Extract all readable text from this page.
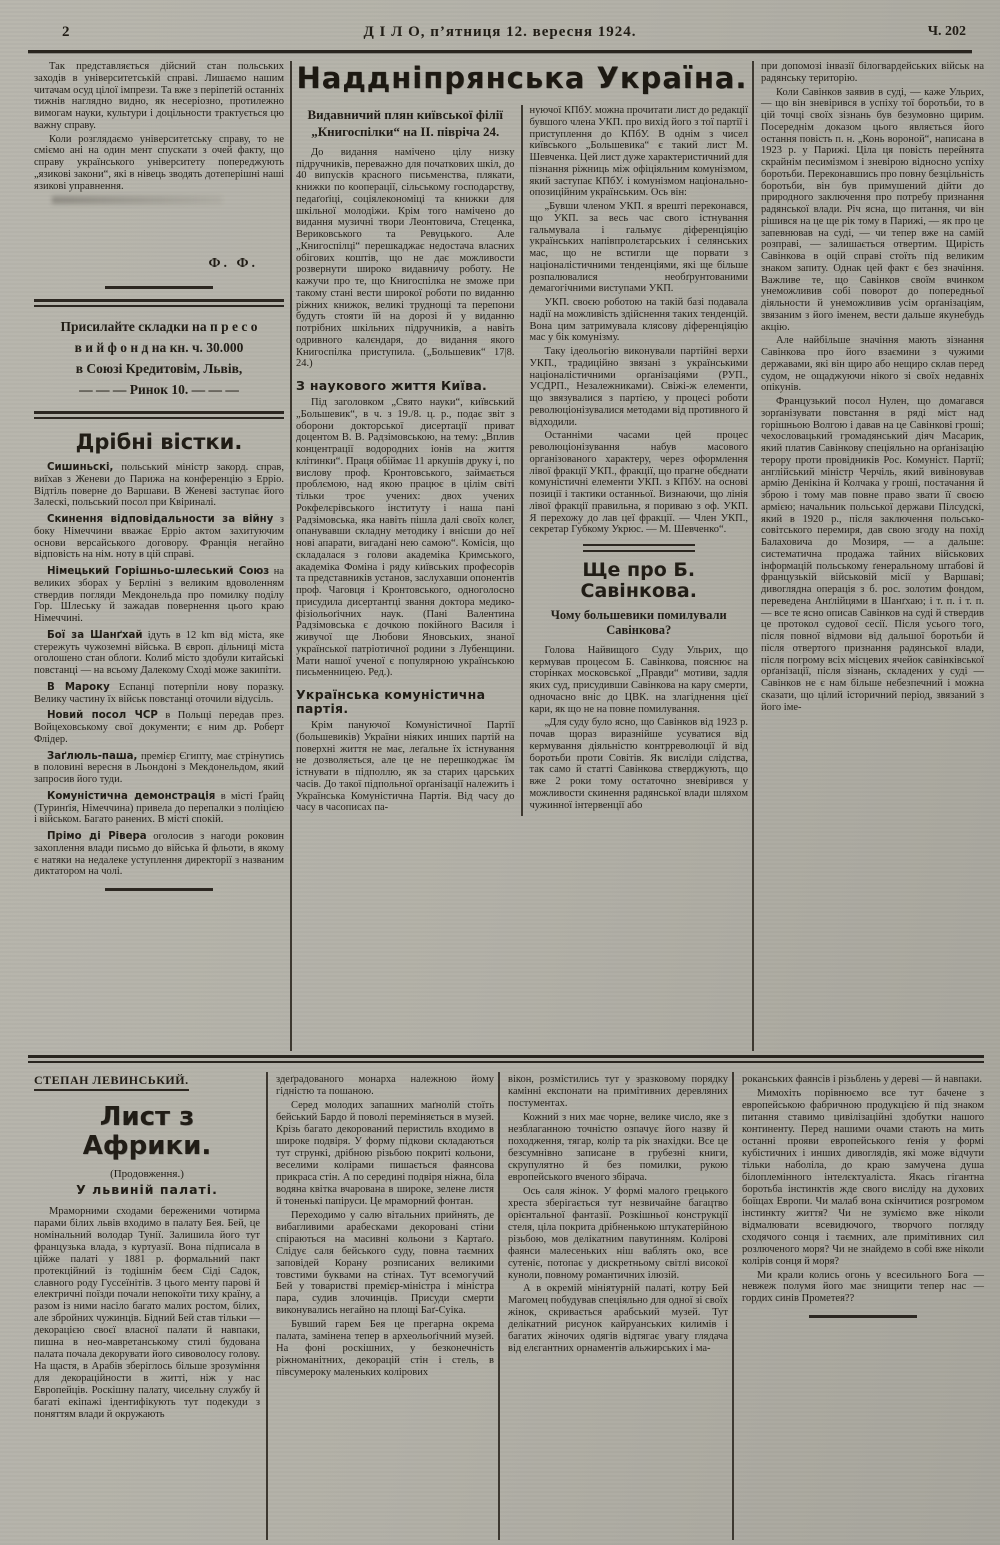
2	Д І Л О, п’ятниця 12. вересня 1924.	Ч. 202

Так представляється дійсний стан польських заходів в університетській справі. Лишаємо нашим читачам осуд цілої імпрези. Та вже з періпетій останніх тижнів наглядно видно, як несеріозно, протилежно вимогам науки, культури і доцільности трактується цю важну справу.

Коли розглядаємо університетську справу, то не сміємо ані на один мент спускати з очей факту, що справу українського університету попереджують „язикові закони“, які в нівець зводять дотеперішні наші язикові управнення.

Ф. Ф.

Присилайте складки на п р е с о
в и й ф о н д на кн. ч. 30.000
в Союзі Кредитовім, Львів,
— — — Ринок 10. — — —
Дрібні вістки.

Сишиньскі, польський міністр закорд. справ, виїхав з Женеви до Парижа на конференцію з Ерріо. Відтіль поверне до Варшави. В Женеві заступає його Залескі, польський посол при Квіриналі.

Скинення відповідальности за війну з боку Німеччини вважає Ерріо актом захитуючим основи версайського договору. Франція негайно відповість на нім. ноту в цій справі.

Німецький Горішньо-шлеський Союз на великих зборах у Берліні з великим вдоволенням ствердив погляди Мекдонельда про помилку поділу Гор. Шлеську й зажадав повернення цього краю Німеччині.

Бої за Шанґхай ідуть в 12 km від міста, яке стережуть чужоземні війська. В європ. дільниці міста оголошено стан облоги. Колиб місто здобули китайські повстанці — на всьому Далекому Сході може закипіти.

В Мароку Еспанці потерпіли нову поразку. Велику частину їх військ повстанці оточили відусіль.

Новий посол ЧСР в Польщі передав през. Войцеховському свої документи; є ним др. Роберт Флідер.

Заґлюль-паша, премієр Єгипту, має стрінутись в половині вересня в Льондоні з Мекдонельдом, який запросив його туди.

Комуністична демонстрація в місті Ґрайц (Туринґія, Німеччина) привела до перепалки з поліцією і військом. Багато ранених. В місті спокій.

Прімо ді Рівера оголосив з нагоди роковин захоплення влади письмо до війська й фльоти, в якому є натяки на недалеке уступлення директорії з названим диктатором на чолі.

Наддніпрянська Україна.
Видавничий плян київської філії „Книгоспілки“ на ІІ. півріча 24.

До видання намічено цілу низку підручників, переважно для початкових шкіл, до 40 випусків красного письменства, плякати, книжки по кооперації, сільському господарству, педаґоґіці, соціялекономіці та книжки для шкільної молодіжи. Крім того намічено до видання музичні твори Леонтовича, Стеценка, Вериковського та Ревуцького. Але „Книгоспілці“ перешкаджає недостача власних обігових коштів, що не дає можливости розвернути широко видавничу роботу. Не кажучи про те, що Книгоспілка не зможе при такому стані вести широкої роботи по виданню ріжних книжок, великі труднощі та перепони будуть стояти їй на дорозі й у виданню потрібних шкільних підручників, а навіть одривного калєндаря, до видання якого Книгоспілка приступила. („Большевик“ 17|8. 24.)

З наукового життя Київа.

Під заголовком „Свято науки“, київський „Большевик“, в ч. з 19./8. ц. р., подає звіт з оборони докторської дисертації приват доцентом В. В. Радзімовською, на тему: „Вплив концентрації водородних іонів на життя клітинки“. Праця обіймає 11 аркушів друку і, по вислову проф. Кронтовського, займається проблємою, над якою працює в цілім світі тільки троє учених: двох учених Рокфелєрівського інституту і наша пані Радзімовська, яка навіть пішла далі своїх колєг, опанувавши складну методику і внісши до неї нові апарати, вигадані нею самою“. Комісія, що складалася з голови академіка Кримського, академіка Фоміна і ряду київських професорів та представників установ, заслухавши опонентів проф. Чаговця і Кронтовського, одноголосно присудила дисертантці звання доктора медико-фізіольоґічних наук. (Пані Валентина Радзімовська є дочкою покійного Василя і живучої ще Любови Яновських, знаної української патріотичної родини з Лубенщини. Мати нашої ученої є популярною українською письменницею. Ред.).

Українська комуністична партія.

Крім пануючої Комуністичної Партії (большевиків) України ніяких инших партій на поверхні життя не має, леґальне їх істнування не дозволяється, але це не перешкоджає їм істнувати в підполлю, як за старих царських часів. До такої підпольної орґанізації належить і Українська Комуністична Партія. Від часу до часу в часописах па-

нуючої КПбУ. можна прочитати лист до редакції бувшого члена УКП. про вихід його з тої партії і приступлення до КПбУ. В однім з чисел київського „Большевика“ є такий лист М. Шевченка. Цей лист дуже характеристичний для пізнання ріжниць між офіціяльним комунізмом, який заступає КПбУ. і комунізмом національно-опозиційним українським. Ось він:

„Бувши членом УКП. я врешті переконався, що УКП. за весь час свого істнування гальмувала і гальмує діференціяцію українських напівпролєтарських і селянських мас, що не встигли ще порвати з націоналістичними тенденціями, які ще більше розпалювалися необґрунтованими демагогічними виступами УКП.

УКП. своєю роботою на такій базі подавала надії на можливість здійснення таких тенденцій. Вона цим затримувала клясову діференціяцію мас у бік комунізму.

Таку ідеольогію виконували партійні верхи УКП., традиційно звязані з українськими націоналістичними орґанізаціями (РУП., УСДРП., Незалежниками). Свіжі-ж елементи, що звязувалися з партією, у процесі роботи революціонізувалися методами від противного й відходили.

Останніми часами цей процес революціонізування набув масового організованого характеру, через оформлення лівої фракції УКП., фракції, що прагне обєднати комуністичні елементи УКП. з КПбУ. на основі позиції і тактики останньої. Визнаючи, що лінія лівої фракції правильна, я пориваю з оф. УКП. Я перехожу до лав цеї фракції. — Член УКП., секретар Губкому Укрюс. — М. Шевченко“.

Ще про Б. Савінкова.
Чому большевики помилували Савінкова?

Голова Найвищого Суду Ульрих, що кермував процесом Б. Савінкова, пояснює на сторінках московської „Правди“ мотиви, задля яких суд, присудивши Савінкова на кару смерти, одночасно вніс до ЦВК. на злагіднення цієї кари, як що не на повне помилування.

„Для суду було ясно, що Савінков від 1923 р. почав щораз виразнійше усуватися від кермування діяльністю контрреволюції й від боротьби проти Совітів. Як висліди слідства, так само й статті Савінкова стверджують, що вже 2 роки тому остаточно зневірився у можливости скинення радянської влади шляхом чужинної інтервенції або

при допомозі інвазії білогвардейських військ на радянську територію.

Коли Савінков заявив в суді, — каже Ульрих, — що він зневірився в успіху тої боротьби, то в цій точці своїх зізнань був безумовно щирим. Посереднім доказом цього являється його остання повість п. н. „Конь вороной“, написана в 1923 р. у Парижі. Ціла ця повість перейнята скрайнім песимізмом і зневірою відносно успіху боротьби. Переконавшись про повну безцільність боротьби, він був примушений дійти до природного заключення про потребу признання радянської влади. Річ ясна, що питання, чи він рішився на це ще рік тому в Парижі, — як про це запевнював на суді, — чи тепер вже на самій розправі, — залишається отвертим. Щирість Савінкова в оцій справі стоїть під великим знаком запиту. Однак цей факт є без значіння. Важливе те, що Савінков своїм вчинком унеможливив собі поворот до попередньої діяльности й унеможливив усім орґанізаціям, звязаним з його іменем, вести дальше якунебудь акцію.

Але найбільше значіння мають зізнання Савінкова про його взаємини з чужими державами, які він щиро або нещиро склав перед судом, не ощаджуючи нікого зі своїх недавніх опікунів.

Французький посол Нулен, що домагався зорґанізувати повстання в ряді міст над горішньою Волгою і давав на це Савінкові гроші; чехословацький громадянський діяч Масарик, який платив Савінкову спеціяльно на орґанізацію терору проти провідників Рос. Комуніст. Партії; англійський міністр Черчіль, який вивіновував армію Денікіна й Колчака у гроші, постачання й зброю і тому мав повне право звати її своєю армією; начальник польської держави Пілсудскі, який в 1920 р., після заключення польсько-совітського перемиря, дав свою згоду на похід Балаховича до Мозиря, — а дальше: систематична продажа тайних військових інформацій польському ґенеральному штабові й французькій військовій місії у Варшаві; дивоглядна операція з б. рос. золотим фондом, переведена Анґлійцями в Шанґхаю; і т. п. і т. п. — все те ясно описав Савінков на суді й ствердив це протокол судової сесії. Після усього того, після повної відмови від дальшої боротьби й після отвертого признання радянської влади, після погрому всіх місцевих ячейок савінківської орґанізації, після зізнань, складених у суді — Савінков не є нам більше небезпечний і можна сказати, що цілий історичний період, звязаний з його іме-

СТЕПАН ЛЕВИНСЬКИЙ.
Лист з Африки.
(Продовження.)
У львиній палаті.

Мраморними сходами береженими чотирма парами білих львів входимо в палату Бея. Бей, це номінальний володар Тунії. Залишила його тут французька влада, з куртуазії. Вона підписала в ційже палаті у 1881 р. формальний пакт протекційний із тодішнім беєм Сіді Садок, славного роду Гуссеїнітів. З цього менту парові й електричні поїзди почали непокоїти тиху країну, а разом із ними насіло багато малих ростом, білих, але збройних чужинців. Бідний Бей став тільки — декорацією своєї власної палати й навпаки, пишна в нео-мавретанському стилі будована палата почала декорувати його сивоволосу голову. На щастя, в Арабів зберіглось більше зрозуміння для декораційности в житті, ніж у нас Европейців. Роскішну палату, чисельну службу й багаті екіпажі ідентифікують тут подекуди з поняттям влади й окружають

здеґрадованого монарха належною йому гідністю та пошаною.

Серед молодих запашних маґнолій стоїть бейський Бардо й поволі переміняється в музей. Крізь багато декорований перистиль входимо в широке подвіря. У форму підкови складаються тут стрункі, дрібною різьбою покриті кольони, веселими колірами пишається фаянсова прикраса стін. А по середині подвіря ніжна, біла водяна квітка вчарована в широке, зелене листя й тоненькі папіруси. Це мраморний фонтан.

Переходимо у салю вітальних прийнять, де вибагливими арабесками декоровані стіни спіраються на масивні кольони з Картаґо. Слідує саля бейського суду, повна таємних заповідей Корану розписаних великими товстими буквами на стінах. Тут всемогучий Бей у товаристві премієр-міністра і міністра пара, судив злочинців. Присуди смерти виконувались негайно на площі Баґ-Суіка.

Бувший гарем Бея це прегарна окрема палата, замінена тепер в археольоґічний музей. На фоні роскішних, у безконечність ріжноманітних, декорацій стін і стель, в півсумероку маленьких колірових

вікон, розмістились тут у зразковому порядку камінні експонати на примітивних деревляних постументах.

Кожний з них має чорне, велике число, яке з незблаганною точністю озпачує його назву й походження, тягар, колір та рік знахідки. Все це безсумнівно записане в грубезні книги, скрупулятно й без помилки, рукою европейського вченого збірача.

Ось саля жінок. У формі малого грецького хреста зберігається тут незвичайне багацтво орієнтальної фантазії. Розкішньої конструкції стеля, ціла покрита дрібненькою штукатерійною різьбою, мов делікатним павутинням. Колірові фаянси малесеньких ніш ваблять око, все сутеніє, потопає у дискретньому світлі високої куноли, повному романтичних ілюзій.

А в окремій мініятурній палаті, котру Бей Магомец побудував спеціяльно для одної зі своїх жінок, скривається арабський музей. Тут делікатний рисунок кайруанських килимів і багатих жіночих одягів відтягає увагу глядача від елєгантних орнаментів альжирських і ма-

роканських фаянсів і різьблень у дереві — й навпаки.

Мимохіть порівнюємо все тут бачене з европейською фабричною продукцією й під знаком питання ставимо цивілізаційні здобутки нашого континенту. Перед нашими очами стають на мить останні прояви европейського ґенія у формі кубістичних і инших дивоглядів, які може відчути тільки наболіла, до краю замучена душа білоплемінного інтелєктуаліста. Якась гігантна боротьба інстинктів жде свого висліду на духових боїщах Европи. Чи малаб вона скінчитися розгромом інстинкту життя? Чи не зуміємо вже ніколи відмалювати всевидючого, творчого погляду сходячого сонця і таємних, але примітивних сил розлюченого моря? Чи не знайдемо в собі вже ніколи колірів сонця й моря?

Ми крали колись огонь у всесильного Бога — невжеж полумя його має знищити тепер нас — гордих синів Прометея??
